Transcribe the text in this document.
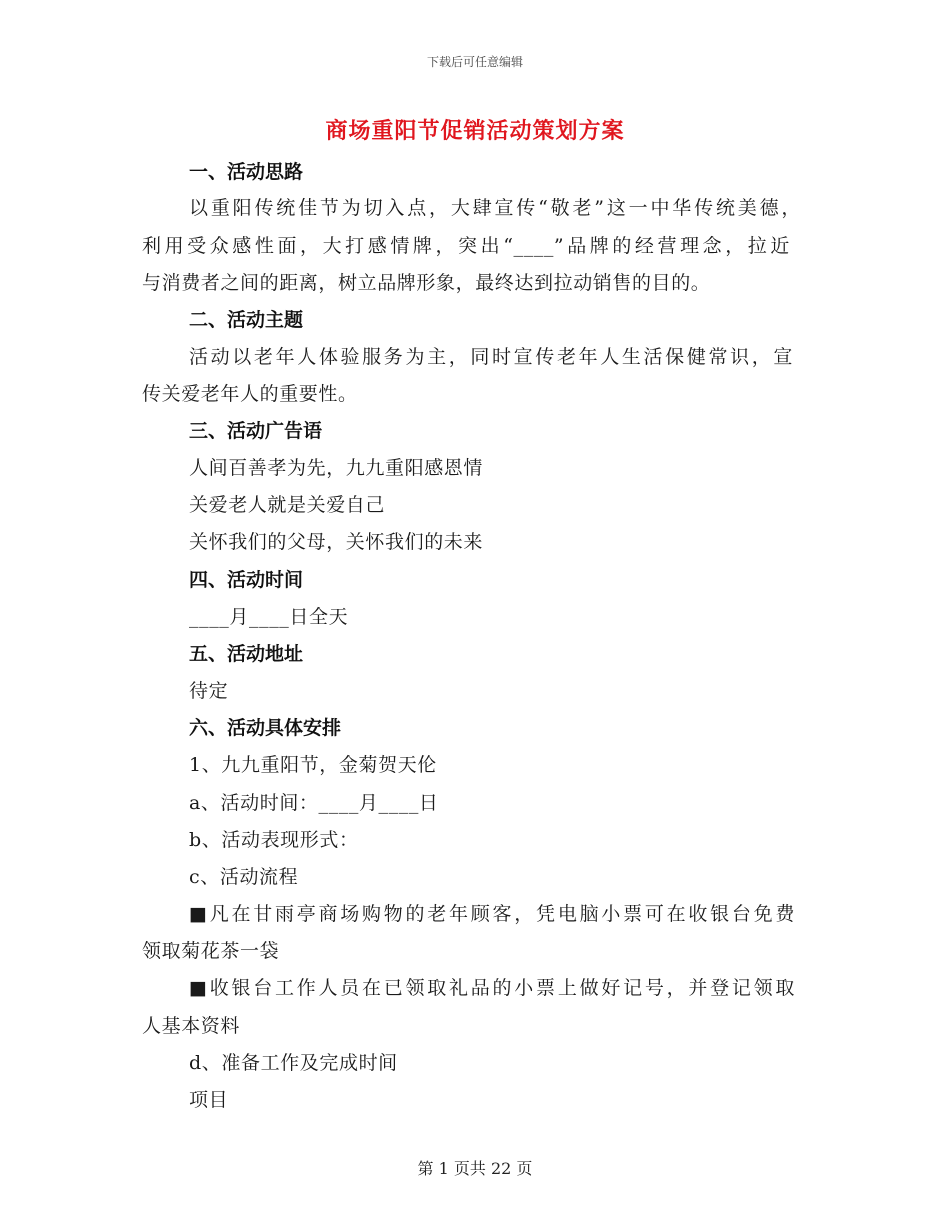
下载后可任意编辑
商场重阳节促销活动策划方案
一、活动思路
以重阳传统佳节为切入点，大肆宣传“敬老”这一中华传统美德，
利用受众感性面，大打感情牌，突出“____”品牌的经营理念，拉近
与消费者之间的距离，树立品牌形象，最终达到拉动销售的目的。
二、活动主题
活动以老年人体验服务为主，同时宣传老年人生活保健常识，宣
传关爱老年人的重要性。
三、活动广告语
人间百善孝为先，九九重阳感恩情
关爱老人就是关爱自己
关怀我们的父母，关怀我们的未来
四、活动时间
____月____日全天
五、活动地址
待定
六、活动具体安排
1、九九重阳节，金菊贺天伦
a、活动时间：____月____日
b、活动表现形式：
c、活动流程
■凡在甘雨亭商场购物的老年顾客，凭电脑小票可在收银台免费
领取菊花茶一袋
■收银台工作人员在已领取礼品的小票上做好记号，并登记领取
人基本资料
d、准备工作及完成时间
项目
第 1 页共 22 页
